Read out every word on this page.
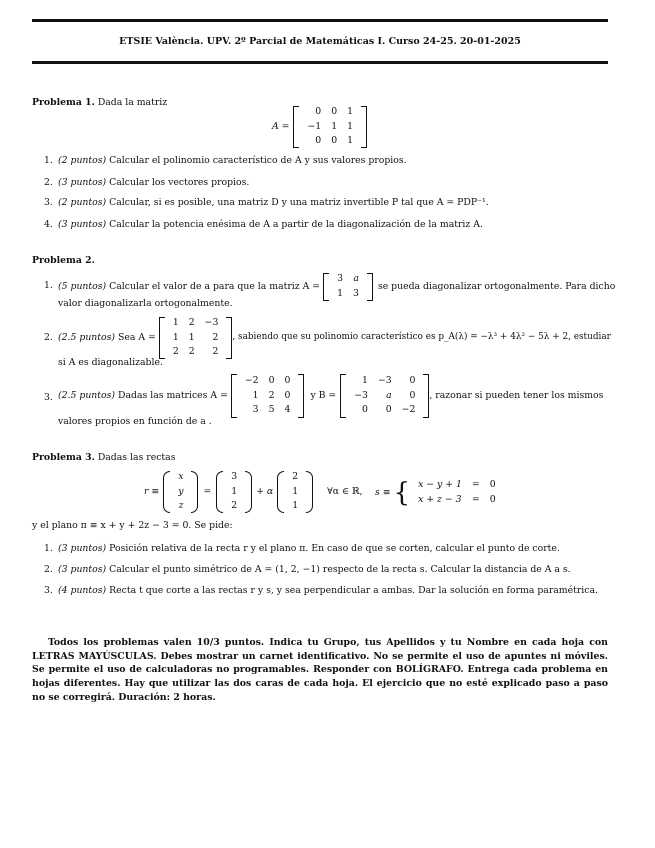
ETSIE València. UPV. 2º Parcial de Matemáticas I. Curso 24-25. 20-01-2025
Problema 1. Dada la matriz
A =
0	0	1
−1	1	1
0	0	1
1. (2 puntos) Calcular el polinomio característico de A y sus valores propios.
2. (3 puntos) Calcular los vectores propios.
3. (2 puntos) Calcular, si es posible, una matriz D y una matriz invertible P tal que A = PDP⁻¹.
4. (3 puntos) Calcular la potencia enésima de A a partir de la diagonalización de la matriz A.
Problema 2.
1. (5 puntos)
Calcular el valor de a para que la matriz A =
3	a
1	3
se pueda diagonalizar ortogonalmente. Para dicho
valor diagonalizarla ortogonalmente.
2. (2.5 puntos)
Sea A =
1	2	−3
1	1	2
2	2	2
, sabiendo que su polinomio característico es p_A(λ) = −λ³ + 4λ² − 5λ + 2, estudiar
si A es diagonalizable.
3. (2.5 puntos)
Dadas las matrices A =
−2	0	0
1	2	0
3	5	4
y B =
1	−3	0
−3	a	0
0	0	−2
, razonar si pueden tener los mismos
valores propios en función de a .
Problema 3. Dadas las rectas
r ≡
x
y
z
=
3
1
2
+ α
2
1
1
∀α ∈ ℝ, s ≡ { x − y + 1	=	0
x + z − 3	=	0
y el plano π ≡ x + y + 2z − 3 = 0. Se pide:
1. (3 puntos) Posición relativa de la recta r y el plano π. En caso de que se corten, calcular el punto de corte.
2. (3 puntos) Calcular el punto simétrico de A = (1, 2, −1) respecto de la recta s. Calcular la distancia de A a s.
3. (4 puntos) Recta t que corte a las rectas r y s, y sea perpendicular a ambas. Dar la solución en forma paramétrica.
Todos los problemas valen 10/3 puntos. Indica tu Grupo, tus Apellidos y tu Nombre en cada hoja con LETRAS MAYÚSCULAS. Debes mostrar un carnet identificativo. No se permite el uso de apuntes ni móviles. Se permite el uso de calculadoras no programables. Responder con BOLÍGRAFO. Entrega cada problema en hojas diferentes. Hay que utilizar las dos caras de cada hoja. El ejercicio que no esté explicado paso a paso no se corregirá. Duración: 2 horas.
